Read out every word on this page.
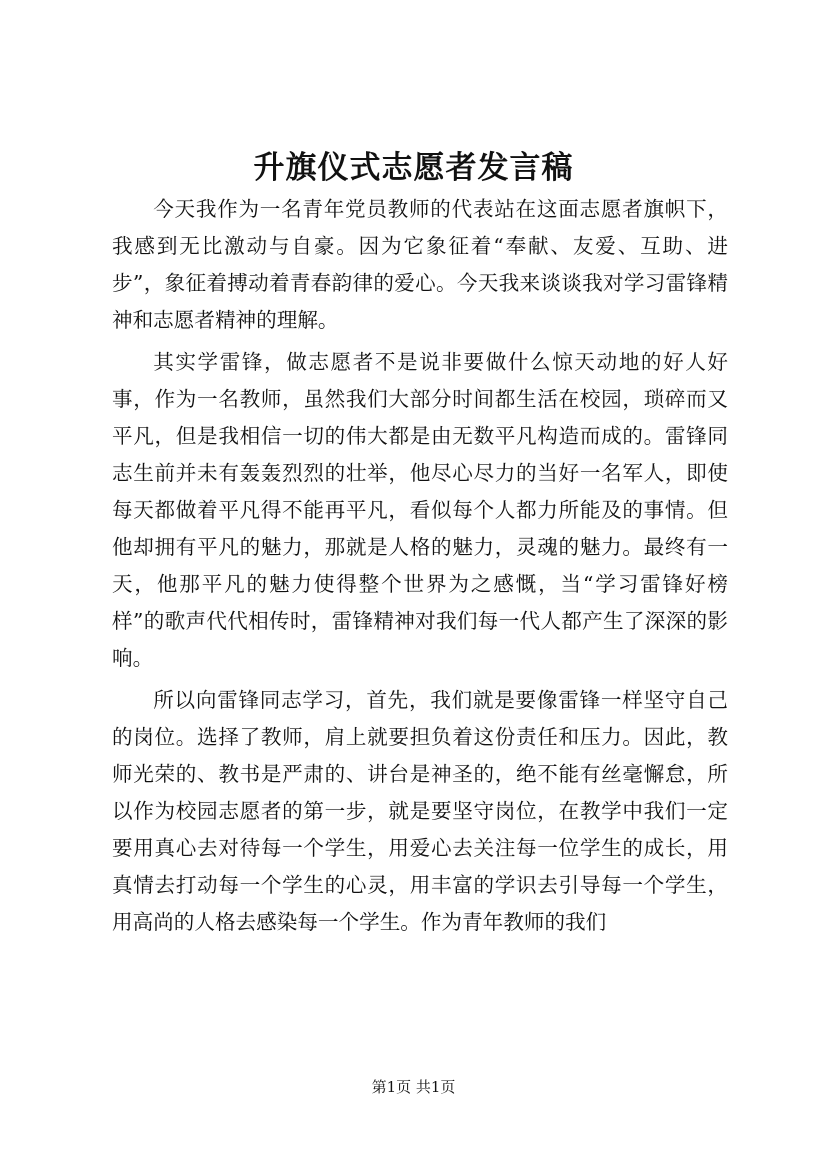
升旗仪式志愿者发言稿

今天我作为一名青年党员教师的代表站在这面志愿者旗帜下，我感到无比激动与自豪。因为它象征着“奉献、友爱、互助、进步”，象征着搏动着青春韵律的爱心。今天我来谈谈我对学习雷锋精神和志愿者精神的理解。

其实学雷锋，做志愿者不是说非要做什么惊天动地的好人好事，作为一名教师，虽然我们大部分时间都生活在校园，琐碎而又平凡，但是我相信一切的伟大都是由无数平凡构造而成的。雷锋同志生前并未有轰轰烈烈的壮举，他尽心尽力的当好一名军人，即使每天都做着平凡得不能再平凡，看似每个人都力所能及的事情。但他却拥有平凡的魅力，那就是人格的魅力，灵魂的魅力。最终有一天，他那平凡的魅力使得整个世界为之感慨，当“学习雷锋好榜样”的歌声代代相传时，雷锋精神对我们每一代人都产生了深深的影响。

所以向雷锋同志学习，首先，我们就是要像雷锋一样坚守自己的岗位。选择了教师，肩上就要担负着这份责任和压力。因此，教师光荣的、教书是严肃的、讲台是神圣的，绝不能有丝毫懈怠，所以作为校园志愿者的第一步，就是要坚守岗位，在教学中我们一定要用真心去对待每一个学生，用爱心去关注每一位学生的成长，用真情去打动每一个学生的心灵，用丰富的学识去引导每一个学生，用高尚的人格去感染每一个学生。作为青年教师的我们

第1页 共1页
